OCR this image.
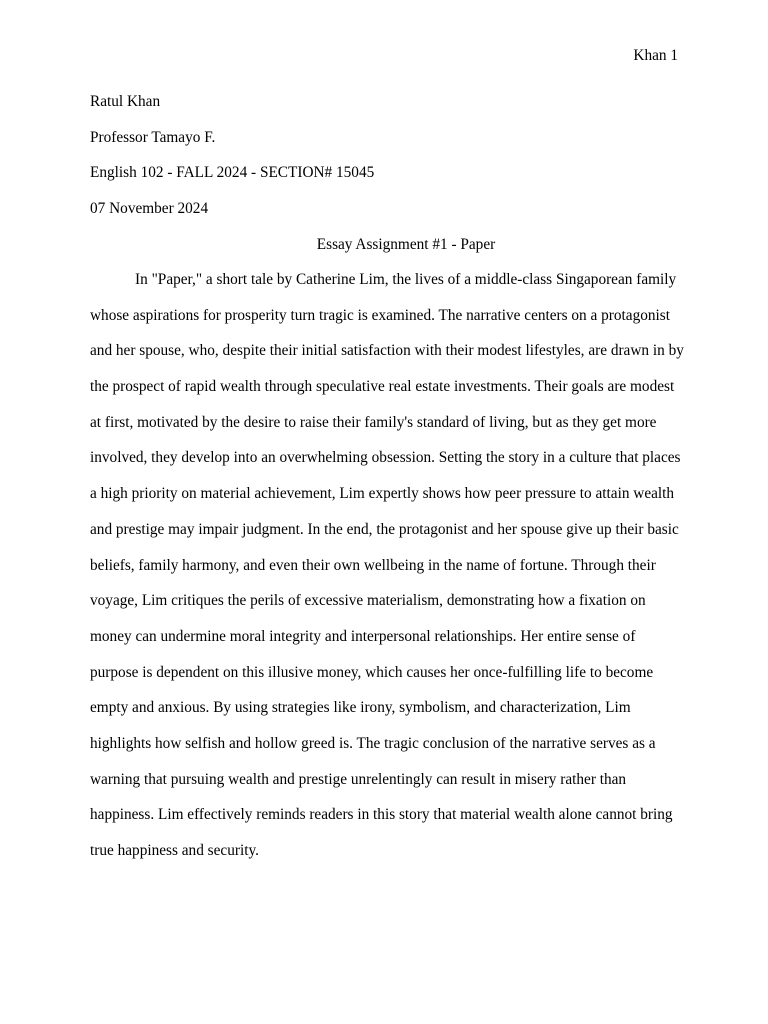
Khan 1
Ratul Khan
Professor Tamayo F.
English 102 - FALL 2024 - SECTION# 15045
07 November 2024
Essay Assignment #1 - Paper
In "Paper," a short tale by Catherine Lim, the lives of a middle-class Singaporean family
whose aspirations for prosperity turn tragic is examined. The narrative centers on a protagonist
and her spouse, who, despite their initial satisfaction with their modest lifestyles, are drawn in by
the prospect of rapid wealth through speculative real estate investments. Their goals are modest
at first, motivated by the desire to raise their family's standard of living, but as they get more
involved, they develop into an overwhelming obsession. Setting the story in a culture that places
a high priority on material achievement, Lim expertly shows how peer pressure to attain wealth
and prestige may impair judgment. In the end, the protagonist and her spouse give up their basic
beliefs, family harmony, and even their own wellbeing in the name of fortune. Through their
voyage, Lim critiques the perils of excessive materialism, demonstrating how a fixation on
money can undermine moral integrity and interpersonal relationships. Her entire sense of
purpose is dependent on this illusive money, which causes her once-fulfilling life to become
empty and anxious. By using strategies like irony, symbolism, and characterization, Lim
highlights how selfish and hollow greed is. The tragic conclusion of the narrative serves as a
warning that pursuing wealth and prestige unrelentingly can result in misery rather than
happiness. Lim effectively reminds readers in this story that material wealth alone cannot bring
true happiness and security.
